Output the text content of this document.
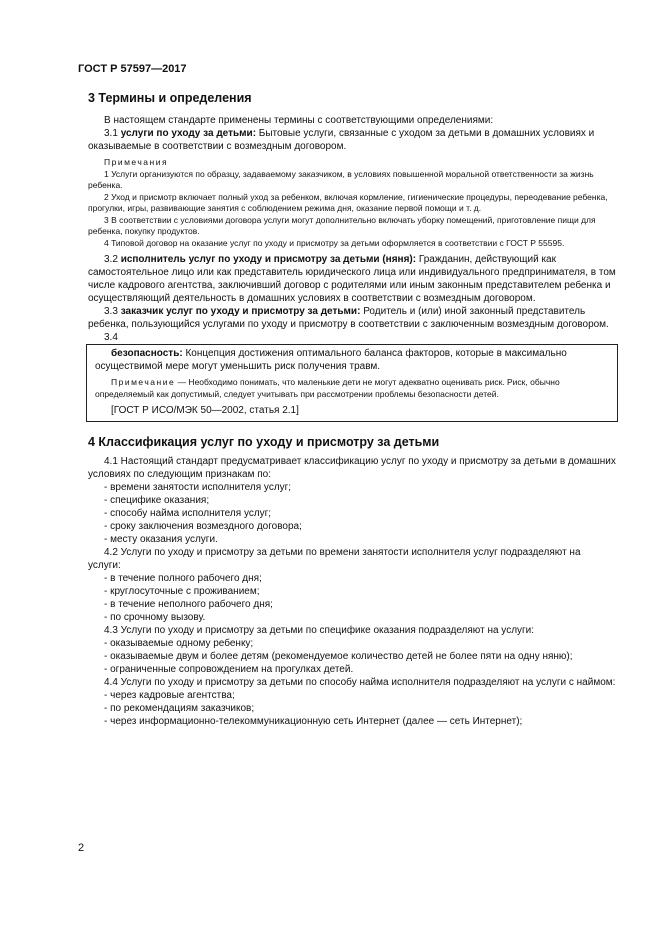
ГОСТ Р 57597—2017
3 Термины и определения

В настоящем стандарте применены термины с соответствующими определениями:

3.1 услуги по уходу за детьми: Бытовые услуги, связанные с уходом за детьми в домашних условиях и оказываемые в соответствии с возмездным договором.

Примечания

1 Услуги организуются по образцу, задаваемому заказчиком, в условиях повышенной моральной ответственности за жизнь ребенка.

2 Уход и присмотр включает полный уход за ребенком, включая кормление, гигиенические процедуры, переодевание ребенка, прогулки, игры, развивающие занятия с соблюдением режима дня, оказание первой помощи и т. д.

3 В соответствии с условиями договора услуги могут дополнительно включать уборку помещений, приготовление пищи для ребенка, покупку продуктов.

4 Типовой договор на оказание услуг по уходу и присмотру за детьми оформляется в соответствии с ГОСТ Р 55595.

3.2 исполнитель услуг по уходу и присмотру за детьми (няня): Гражданин, действующий как самостоятельное лицо или как представитель юридического лица или индивидуального предпринимателя, в том числе кадрового агентства, заключивший договор с родителями или иным законным представителем ребенка и осуществляющий деятельность в домашних условиях в соответствии с возмездным договором.

3.3 заказчик услуг по уходу и присмотру за детьми: Родитель и (или) иной законный представитель ребенка, пользующийся услугами по уходу и присмотру в соответствии с заключенным возмездным договором.

3.4

безопасность: Концепция достижения оптимального баланса факторов, которые в максимально осуществимой мере могут уменьшить риск получения травм.

Примечание — Необходимо понимать, что маленькие дети не могут адекватно оценивать риск. Риск, обычно определяемый как допустимый, следует учитывать при рассмотрении проблемы безопасности детей.

[ГОСТ Р ИСО/МЭК 50—2002, статья 2.1]

4 Классификация услуг по уходу и присмотру за детьми

4.1 Настоящий стандарт предусматривает классификацию услуг по уходу и присмотру за детьми в домашних условиях по следующим признакам по:

- времени занятости исполнителя услуг;

- специфике оказания;

- способу найма исполнителя услуг;

- сроку заключения возмездного договора;

- месту оказания услуги.

4.2 Услуги по уходу и присмотру за детьми по времени занятости исполнителя услуг подразделяют на услуги:

- в течение полного рабочего дня;

- круглосуточные с проживанием;

- в течение неполного рабочего дня;

- по срочному вызову.

4.3 Услуги по уходу и присмотру за детьми по специфике оказания подразделяют на услуги:

- оказываемые одному ребенку;

- оказываемые двум и более детям (рекомендуемое количество детей не более пяти на одну няню);

- ограниченные сопровождением на прогулках детей.

4.4 Услуги по уходу и присмотру за детьми по способу найма исполнителя подразделяют на услуги с наймом:

- через кадровые агентства;

- по рекомендациям заказчиков;

- через информационно-телекоммуникационную сеть Интернет (далее — сеть Интернет);

2
